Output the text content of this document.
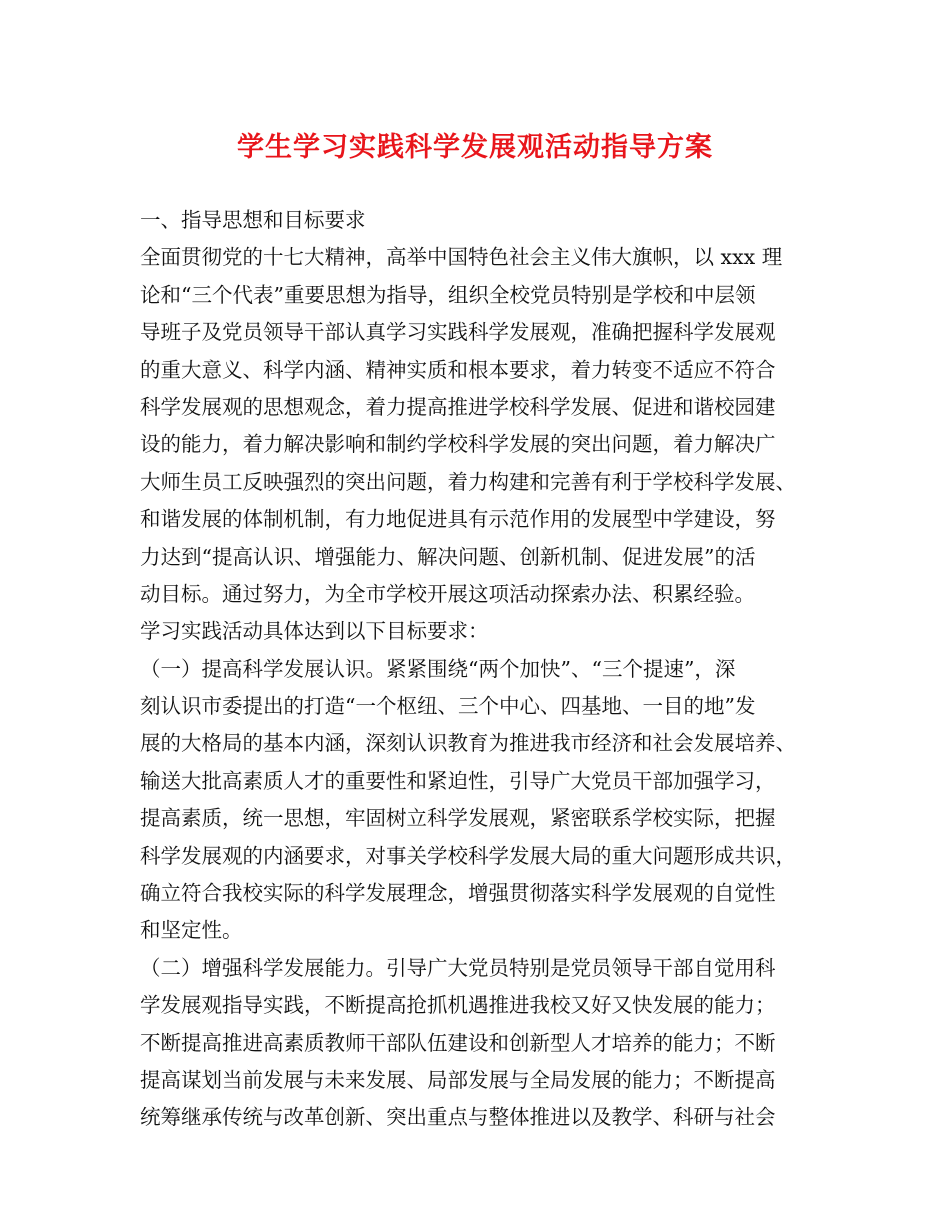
学生学习实践科学发展观活动指导方案
一、指导思想和目标要求
全面贯彻党的十七大精神，高举中国特色社会主义伟大旗帜，以 xxx 理
论和“三个代表”重要思想为指导，组织全校党员特别是学校和中层领
导班子及党员领导干部认真学习实践科学发展观，准确把握科学发展观
的重大意义、科学内涵、精神实质和根本要求，着力转变不适应不符合
科学发展观的思想观念，着力提高推进学校科学发展、促进和谐校园建
设的能力，着力解决影响和制约学校科学发展的突出问题，着力解决广
大师生员工反映强烈的突出问题，着力构建和完善有利于学校科学发展、
和谐发展的体制机制，有力地促进具有示范作用的发展型中学建设，努
力达到“提高认识、增强能力、解决问题、创新机制、促进发展”的活
动目标。通过努力，为全市学校开展这项活动探索办法、积累经验。
学习实践活动具体达到以下目标要求：
（一）提高科学发展认识。紧紧围绕“两个加快”、“三个提速”，深
刻认识市委提出的打造“一个枢纽、三个中心、四基地、一目的地”发
展的大格局的基本内涵，深刻认识教育为推进我市经济和社会发展培养、
输送大批高素质人才的重要性和紧迫性，引导广大党员干部加强学习，
提高素质，统一思想，牢固树立科学发展观，紧密联系学校实际，把握
科学发展观的内涵要求，对事关学校科学发展大局的重大问题形成共识，
确立符合我校实际的科学发展理念，增强贯彻落实科学发展观的自觉性
和坚定性。
（二）增强科学发展能力。引导广大党员特别是党员领导干部自觉用科
学发展观指导实践，不断提高抢抓机遇推进我校又好又快发展的能力；
不断提高推进高素质教师干部队伍建设和创新型人才培养的能力；不断
提高谋划当前发展与未来发展、局部发展与全局发展的能力；不断提高
统筹继承传统与改革创新、突出重点与整体推进以及教学、科研与社会
